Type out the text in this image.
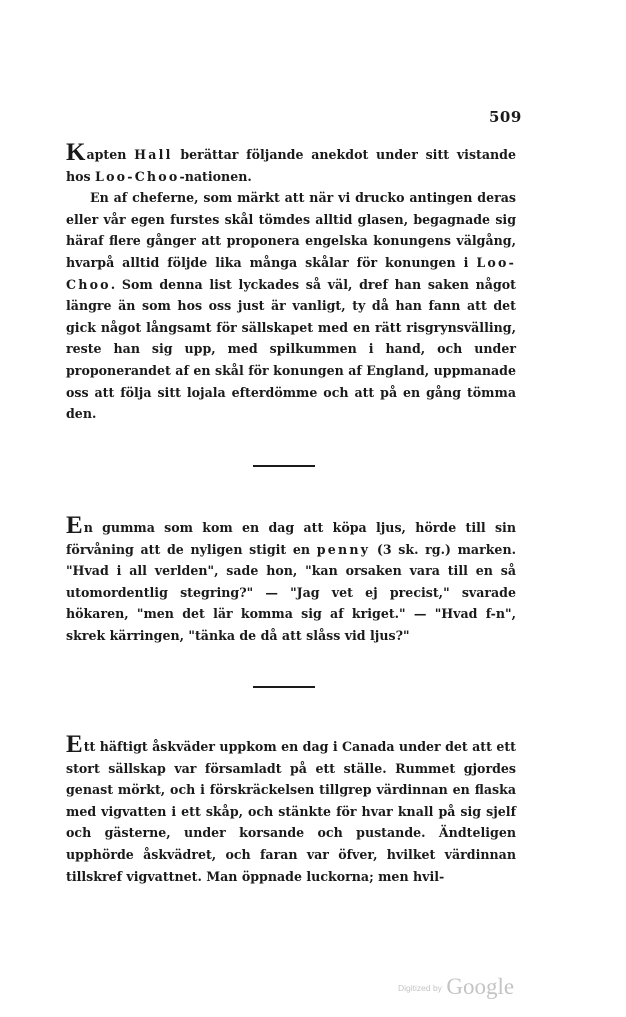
509

Kapten Hall berättar följande anekdot under sitt vistande hos Loo-Choo-nationen.

En af cheferne, som märkt att när vi drucko antingen deras eller vår egen furstes skål tömdes alltid glasen, begagnade sig häraf flere gånger att proponera engelska konungens välgång, hvarpå alltid följde lika många skålar för konungen i Loo-Choo. Som denna list lyckades så väl, dref han saken något längre än som hos oss just är vanligt, ty då han fann att det gick något långsamt för sällskapet med en rätt risgrynsvälling, reste han sig upp, med spilkummen i hand, och under proponerandet af en skål för konungen af England, uppmanade oss att följa sitt lojala efterdömme och att på en gång tömma den.

En gumma som kom en dag att köpa ljus, hörde till sin förvåning att de nyligen stigit en penny (3 sk. rg.) marken. "Hvad i all verlden", sade hon, "kan orsaken vara till en så utomordentlig stegring?" — "Jag vet ej precist," svarade hökaren, "men det lär komma sig af kriget." — "Hvad f-n", skrek kärringen, "tänka de då att slåss vid ljus?"

Ett häftigt åskväder uppkom en dag i Canada under det att ett stort sällskap var församladt på ett ställe. Rummet gjordes genast mörkt, och i förskräckelsen tillgrep värdinnan en flaska med vigvatten i ett skåp, och stänkte för hvar knall på sig sjelf och gästerne, under korsande och pustande. Ändteligen upphörde åskvädret, och faran var öfver, hvilket värdinnan tillskref vigvattnet. Man öppnade luckorna; men hvil-

Digitized by Google
